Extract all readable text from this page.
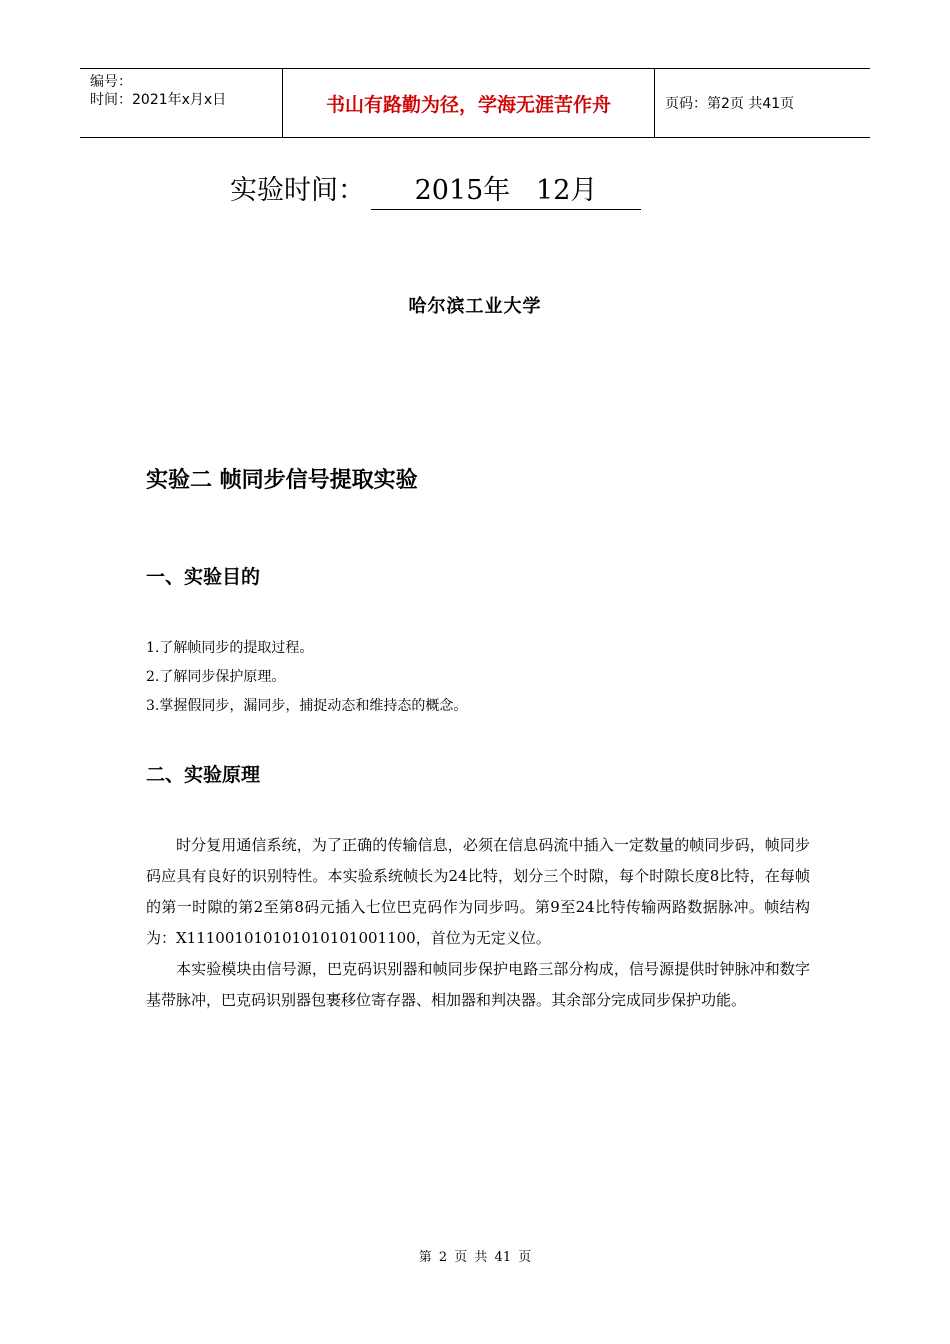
编号：
时间：2021年x月x日	书山有路勤为径，学海无涯苦作舟	页码：第2页 共41页
实验时间：	2015年   12月
哈尔滨工业大学
实验二 帧同步信号提取实验
一、实验目的
1.了解帧同步的提取过程。
2.了解同步保护原理。
3.掌握假同步，漏同步，捕捉动态和维持态的概念。
二、实验原理

时分复用通信系统，为了正确的传输信息，必须在信息码流中插入一定数量的帧同步码，帧同步码应具有良好的识别特性。本实验系统帧长为24比特，划分三个时隙，每个时隙长度8比特，在每帧的第一时隙的第2至第8码元插入七位巴克码作为同步吗。第9至24比特传输两路数据脉冲。帧结构为：X111001010101010101001100，首位为无定义位。

本实验模块由信号源，巴克码识别器和帧同步保护电路三部分构成，信号源提供时钟脉冲和数字基带脉冲，巴克码识别器包裹移位寄存器、相加器和判决器。其余部分完成同步保护功能。

第 2 页 共 41 页
